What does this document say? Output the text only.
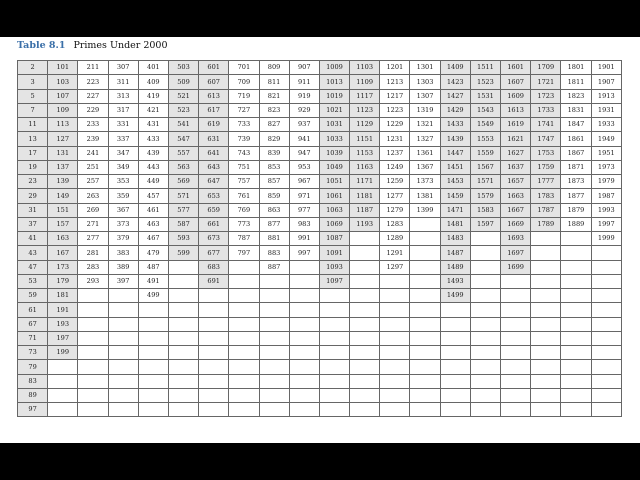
Table 8.1 Primes Under 2000
2	101	211	307	401	503	601	701	809	907	1009	1103	1201	1301	1409	1511	1601	1709	1801	1901
3	103	223	311	409	509	607	709	811	911	1013	1109	1213	1303	1423	1523	1607	1721	1811	1907
5	107	227	313	419	521	613	719	821	919	1019	1117	1217	1307	1427	1531	1609	1723	1823	1913
7	109	229	317	421	523	617	727	823	929	1021	1123	1223	1319	1429	1543	1613	1733	1831	1931
11	113	233	331	431	541	619	733	827	937	1031	1129	1229	1321	1433	1549	1619	1741	1847	1933
13	127	239	337	433	547	631	739	829	941	1033	1151	1231	1327	1439	1553	1621	1747	1861	1949
17	131	241	347	439	557	641	743	839	947	1039	1153	1237	1361	1447	1559	1627	1753	1867	1951
19	137	251	349	443	563	643	751	853	953	1049	1163	1249	1367	1451	1567	1637	1759	1871	1973
23	139	257	353	449	569	647	757	857	967	1051	1171	1259	1373	1453	1571	1657	1777	1873	1979
29	149	263	359	457	571	653	761	859	971	1061	1181	1277	1381	1459	1579	1663	1783	1877	1987
31	151	269	367	461	577	659	769	863	977	1063	1187	1279	1399	1471	1583	1667	1787	1879	1993
37	157	271	373	463	587	661	773	877	983	1069	1193	1283		1481	1597	1669	1789	1889	1997
41	163	277	379	467	593	673	787	881	991	1087		1289		1483		1693			1999
43	167	281	383	479	599	677	797	883	997	1091		1291		1487		1697			
47	173	283	389	487		683		887		1093		1297		1489		1699			
53	179	293	397	491		691				1097				1493					
59	181			499										1499					
61	191																		
67	193																		
71	197																		
73	199																		
79																			
83																			
89																			
97																			
